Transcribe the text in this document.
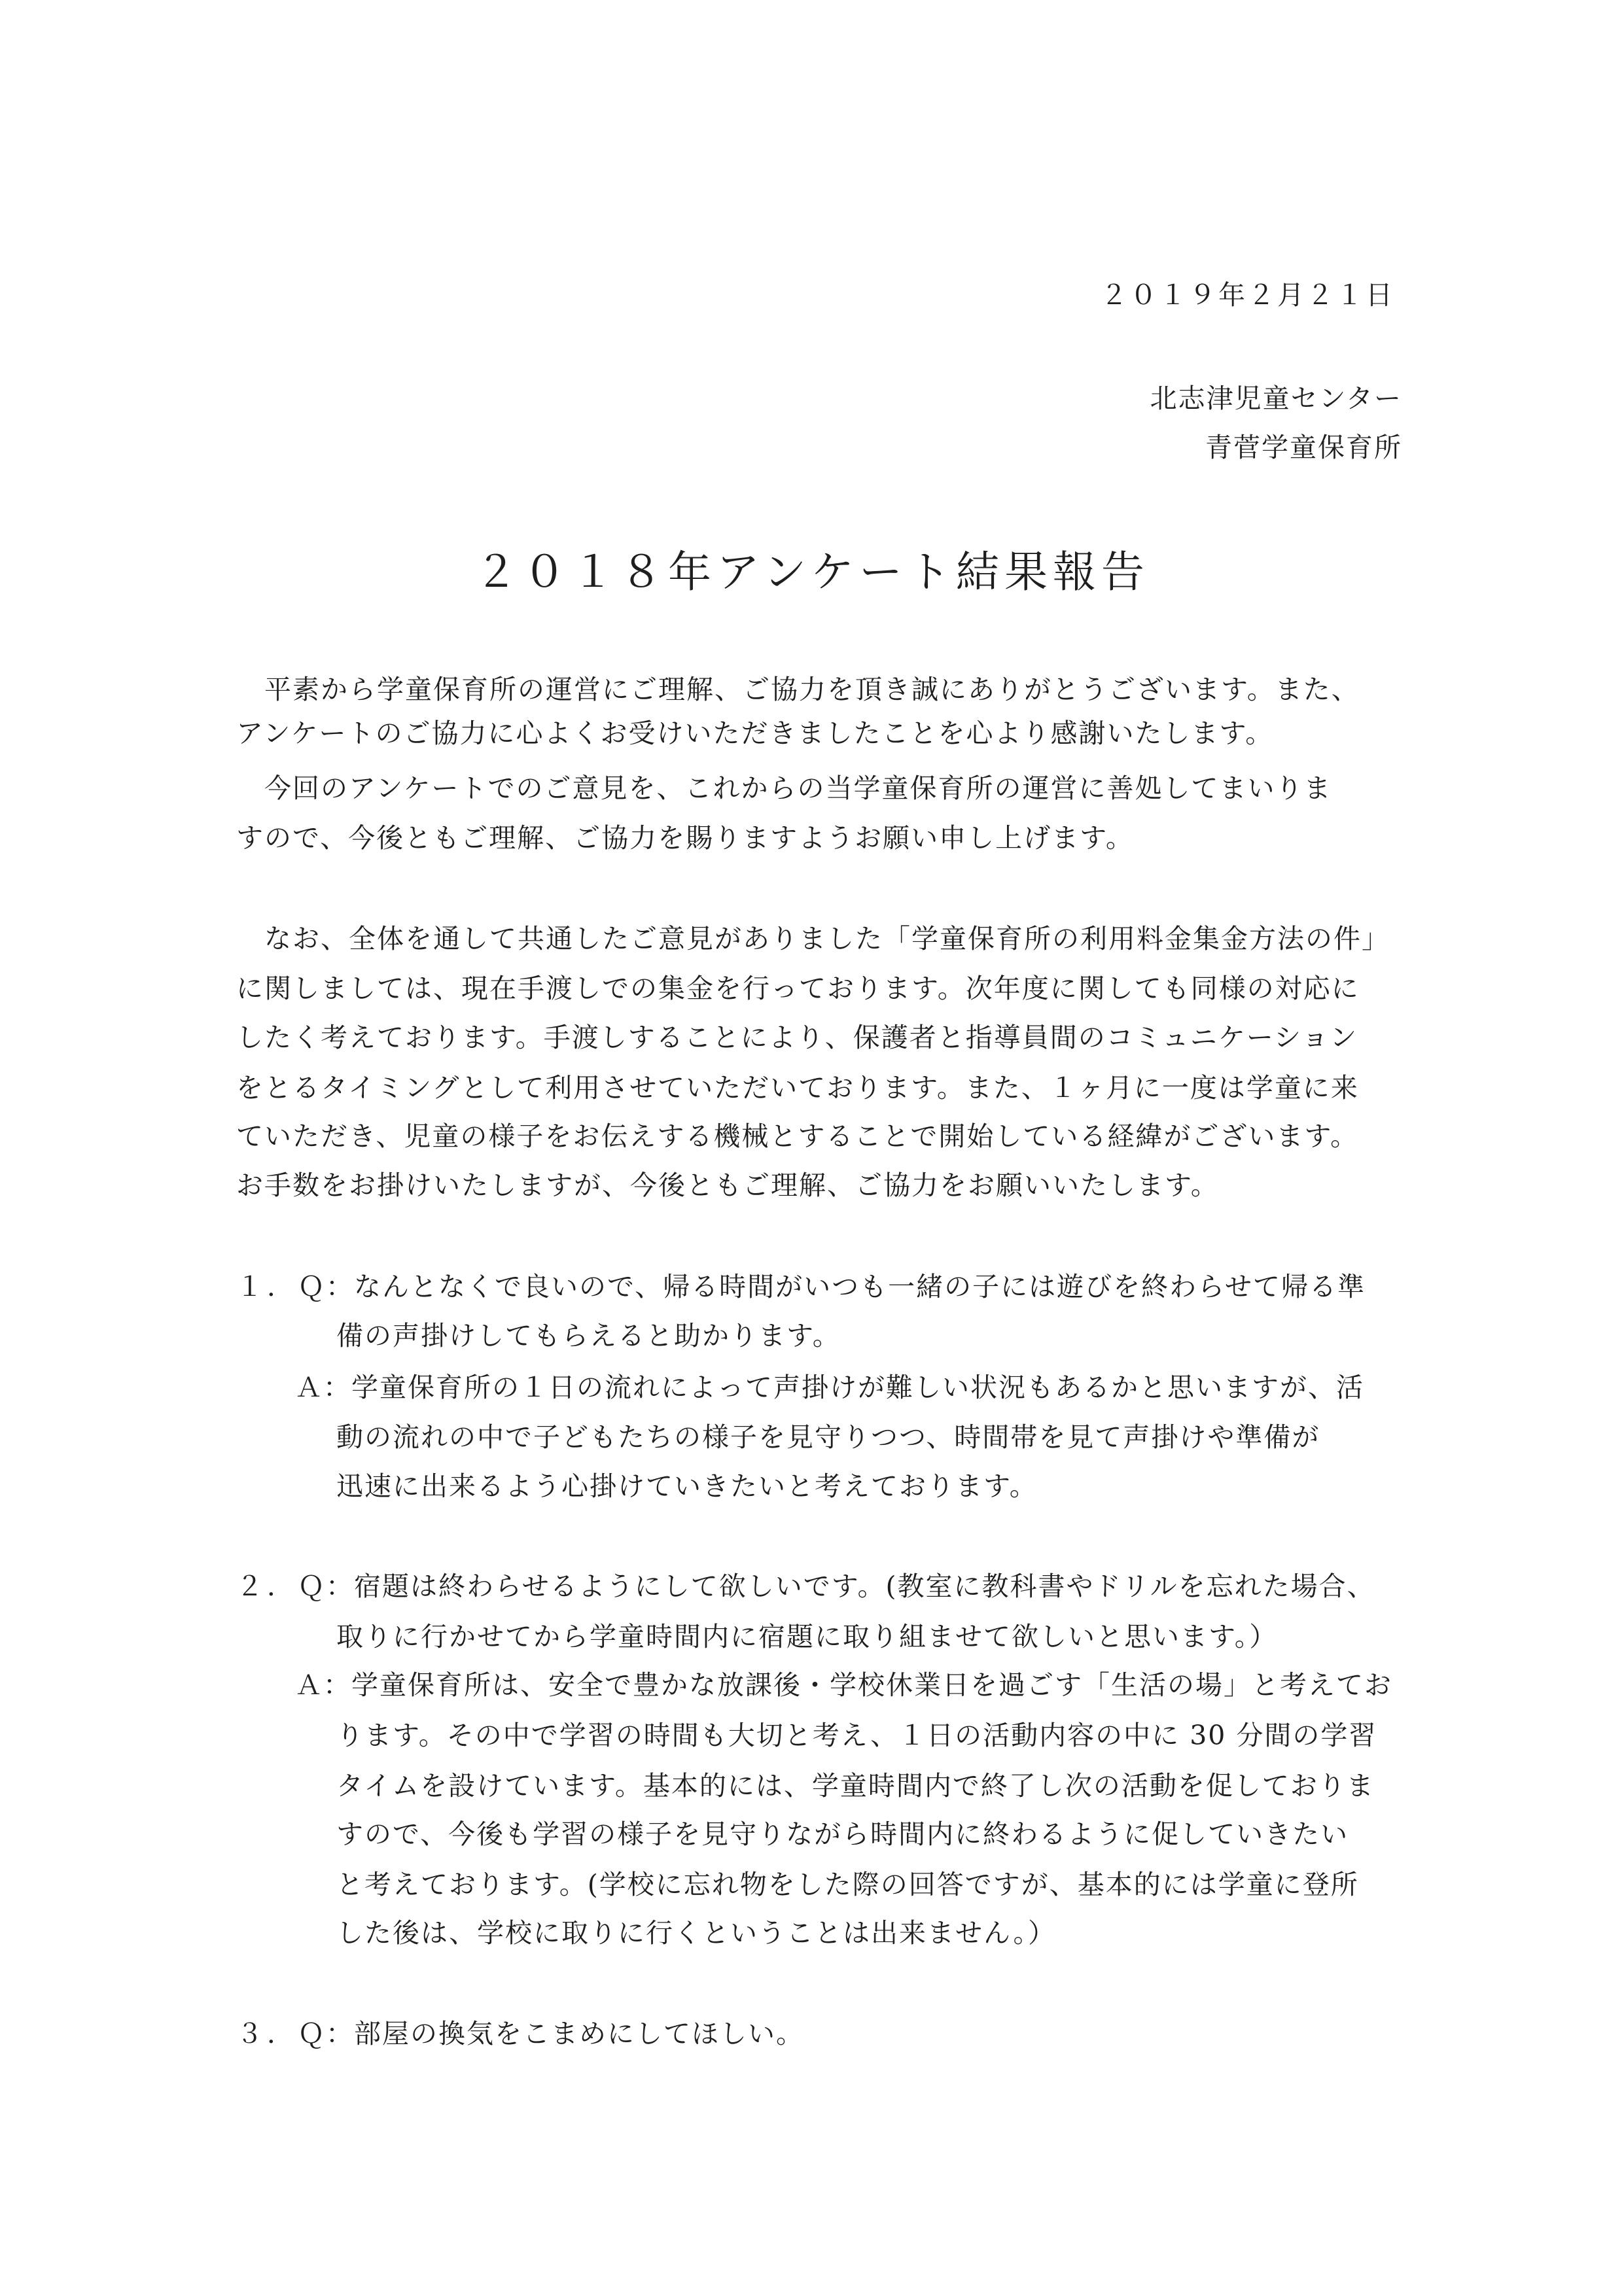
２０１９年２月２１日
北志津児童センター
青菅学童保育所
２０１８年アンケート結果報告
　平素から学童保育所の運営にご理解、ご協力を頂き誠にありがとうございます。また、
アンケートのご協力に心よくお受けいただきましたことを心より感謝いたします。
　今回のアンケートでのご意見を、これからの当学童保育所の運営に善処してまいりま
すので、今後ともご理解、ご協力を賜りますようお願い申し上げます。
　なお、全体を通して共通したご意見がありました「学童保育所の利用料金集金方法の件」
に関しましては、現在手渡しでの集金を行っております。次年度に関しても同様の対応に
したく考えております。手渡しすることにより、保護者と指導員間のコミュニケーション
をとるタイミングとして利用させていただいております。また、１ヶ月に一度は学童に来
ていただき、児童の様子をお伝えする機械とすることで開始している経緯がございます。
お手数をお掛けいたしますが、今後ともご理解、ご協力をお願いいたします。
１．Ｑ：なんとなくで良いので、帰る時間がいつも一緒の子には遊びを終わらせて帰る準
備の声掛けしてもらえると助かります。
Ａ：学童保育所の１日の流れによって声掛けが難しい状況もあるかと思いますが、活
動の流れの中で子どもたちの様子を見守りつつ、時間帯を見て声掛けや準備が
迅速に出来るよう心掛けていきたいと考えております。
２．Ｑ：宿題は終わらせるようにして欲しいです。(教室に教科書やドリルを忘れた場合、
取りに行かせてから学童時間内に宿題に取り組ませて欲しいと思います。）
Ａ：学童保育所は、安全で豊かな放課後・学校休業日を過ごす「生活の場」と考えてお
ります。その中で学習の時間も大切と考え、１日の活動内容の中に 30 分間の学習
タイムを設けています。基本的には、学童時間内で終了し次の活動を促しておりま
すので、今後も学習の様子を見守りながら時間内に終わるように促していきたい
と考えております。(学校に忘れ物をした際の回答ですが、基本的には学童に登所
した後は、学校に取りに行くということは出来ません。）
３．Ｑ：部屋の換気をこまめにしてほしい。
